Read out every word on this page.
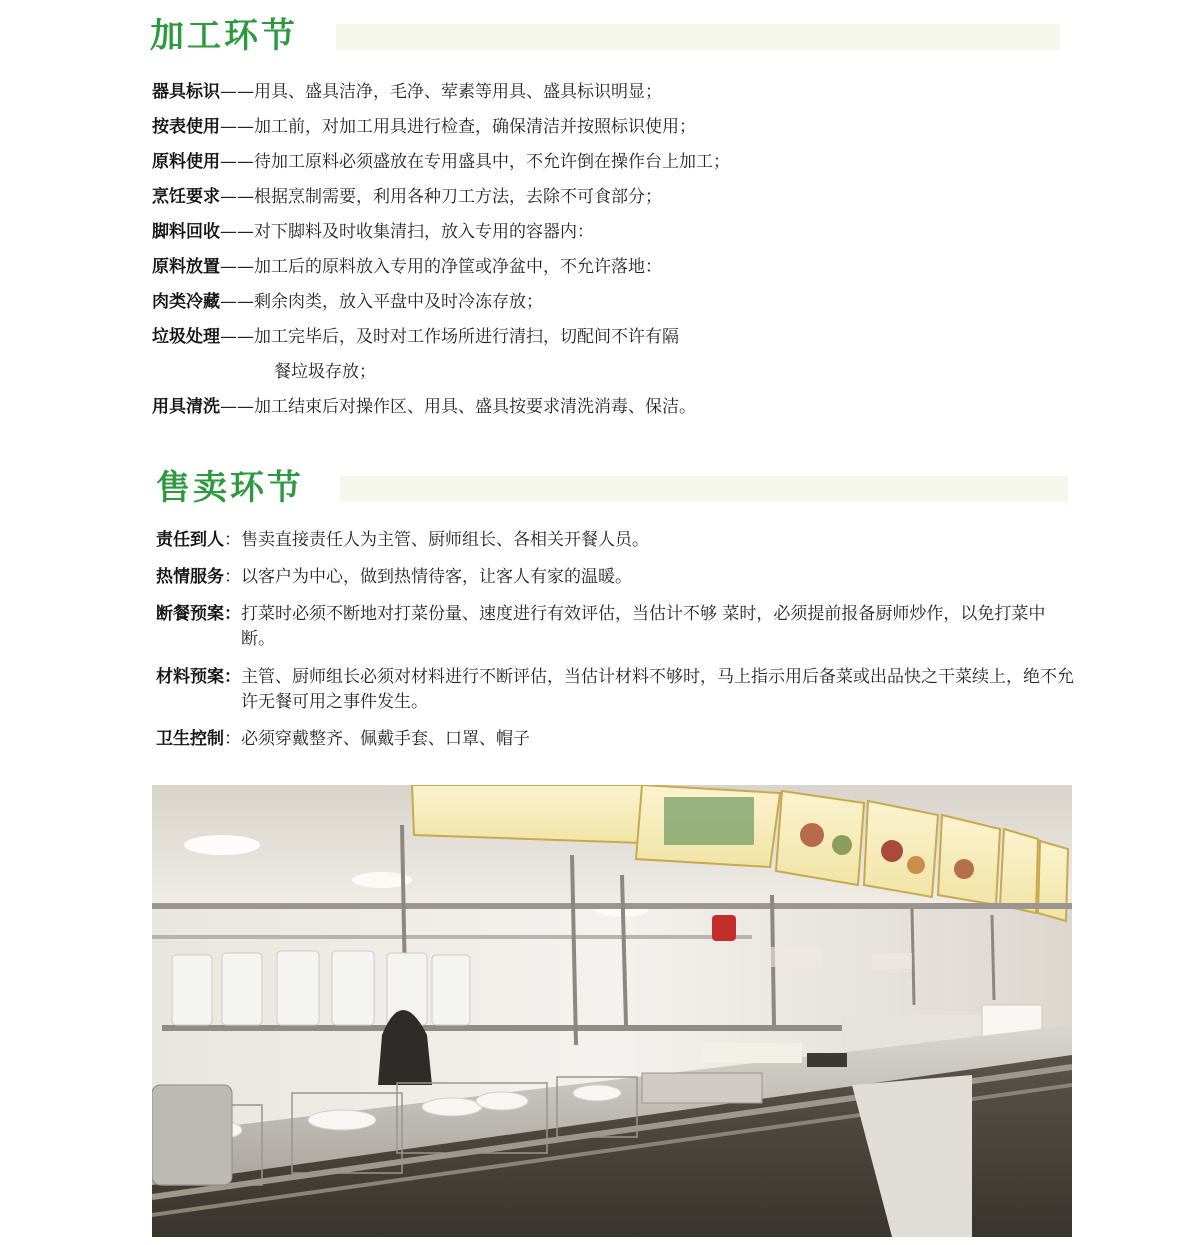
加工环节
器具标识——用具、盛具洁净，毛净、荤素等用具、盛具标识明显；
按表使用——加工前，对加工用具进行检查，确保清洁并按照标识使用；
原料使用——待加工原料必须盛放在专用盛具中，不允许倒在操作台上加工；
烹饪要求——根据烹制需要，利用各种刀工方法，去除不可食部分；
脚料回收——对下脚料及时收集清扫，放入专用的容器内：
原料放置——加工后的原料放入专用的净筐或净盆中，不允许落地：
肉类冷藏——剩余肉类，放入平盘中及时冷冻存放；
垃圾处理——加工完毕后，及时对工作场所进行清扫，切配间不许有隔
餐垃圾存放；
用具清洗——加工结束后对操作区、用具、盛具按要求清洗消毒、保洁。
售卖环节
责任到人 ： 售卖直接责任人为主管、厨师组长、各相关开餐人员。
热情服务 ： 以客户为中心，做到热情待客，让客人有家的温暖。
断餐预案 ： 打菜时必须不断地对打菜份量、速度进行有效评估，当估计不够 菜时，必须提前报备厨师炒作，以免打菜中断。
材料预案 ： 主管、厨师组长必须对材料进行不断评估，当估计材料不够时，马上指示用后备菜或出品快之干菜续上，绝不允许无餐可用之事件发生。
卫生控制 ： 必须穿戴整齐、佩戴手套、口罩、帽子
